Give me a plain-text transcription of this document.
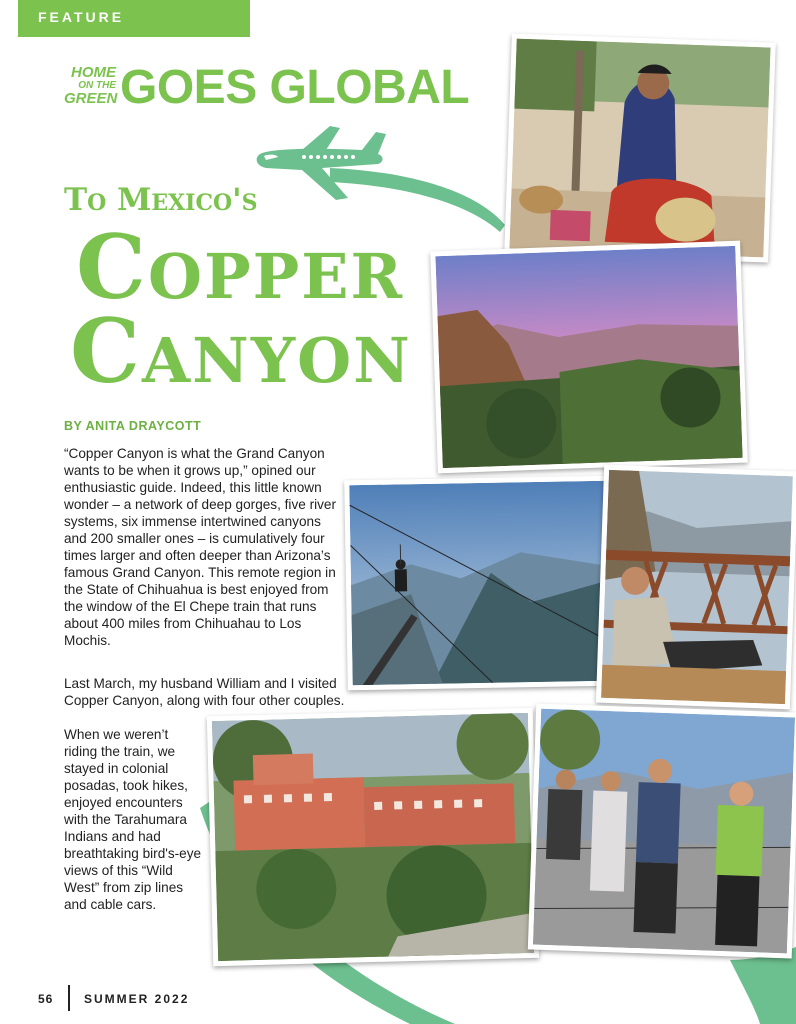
FEATURE
HOME
ON THE
GREEN GOES GLOBAL
To Mexico's
Copper
Canyon
BY ANITA DRAYCOTT

“Copper Canyon is what the Grand Canyon wants to be when it grows up,” opined our enthusiastic guide. Indeed, this little known wonder – a network of deep gorges, five river systems, six immense intertwined canyons and 200 smaller ones – is cumulatively four times larger and often deeper than Arizona’s famous Grand Canyon. This remote region in the State of Chihuahua is best enjoyed from the window of the El Chepe train that runs about 400 miles from Chihuahau to Los Mochis.

Last March, my husband William and I visited Copper Canyon, along with four other couples.

When we weren’t riding the train, we stayed in colonial posadas, took hikes, enjoyed encounters with the Tarahumara Indians and had breathtaking bird's-eye views of this “Wild West” from zip lines and cable cars.

56	SUMMER 2022
